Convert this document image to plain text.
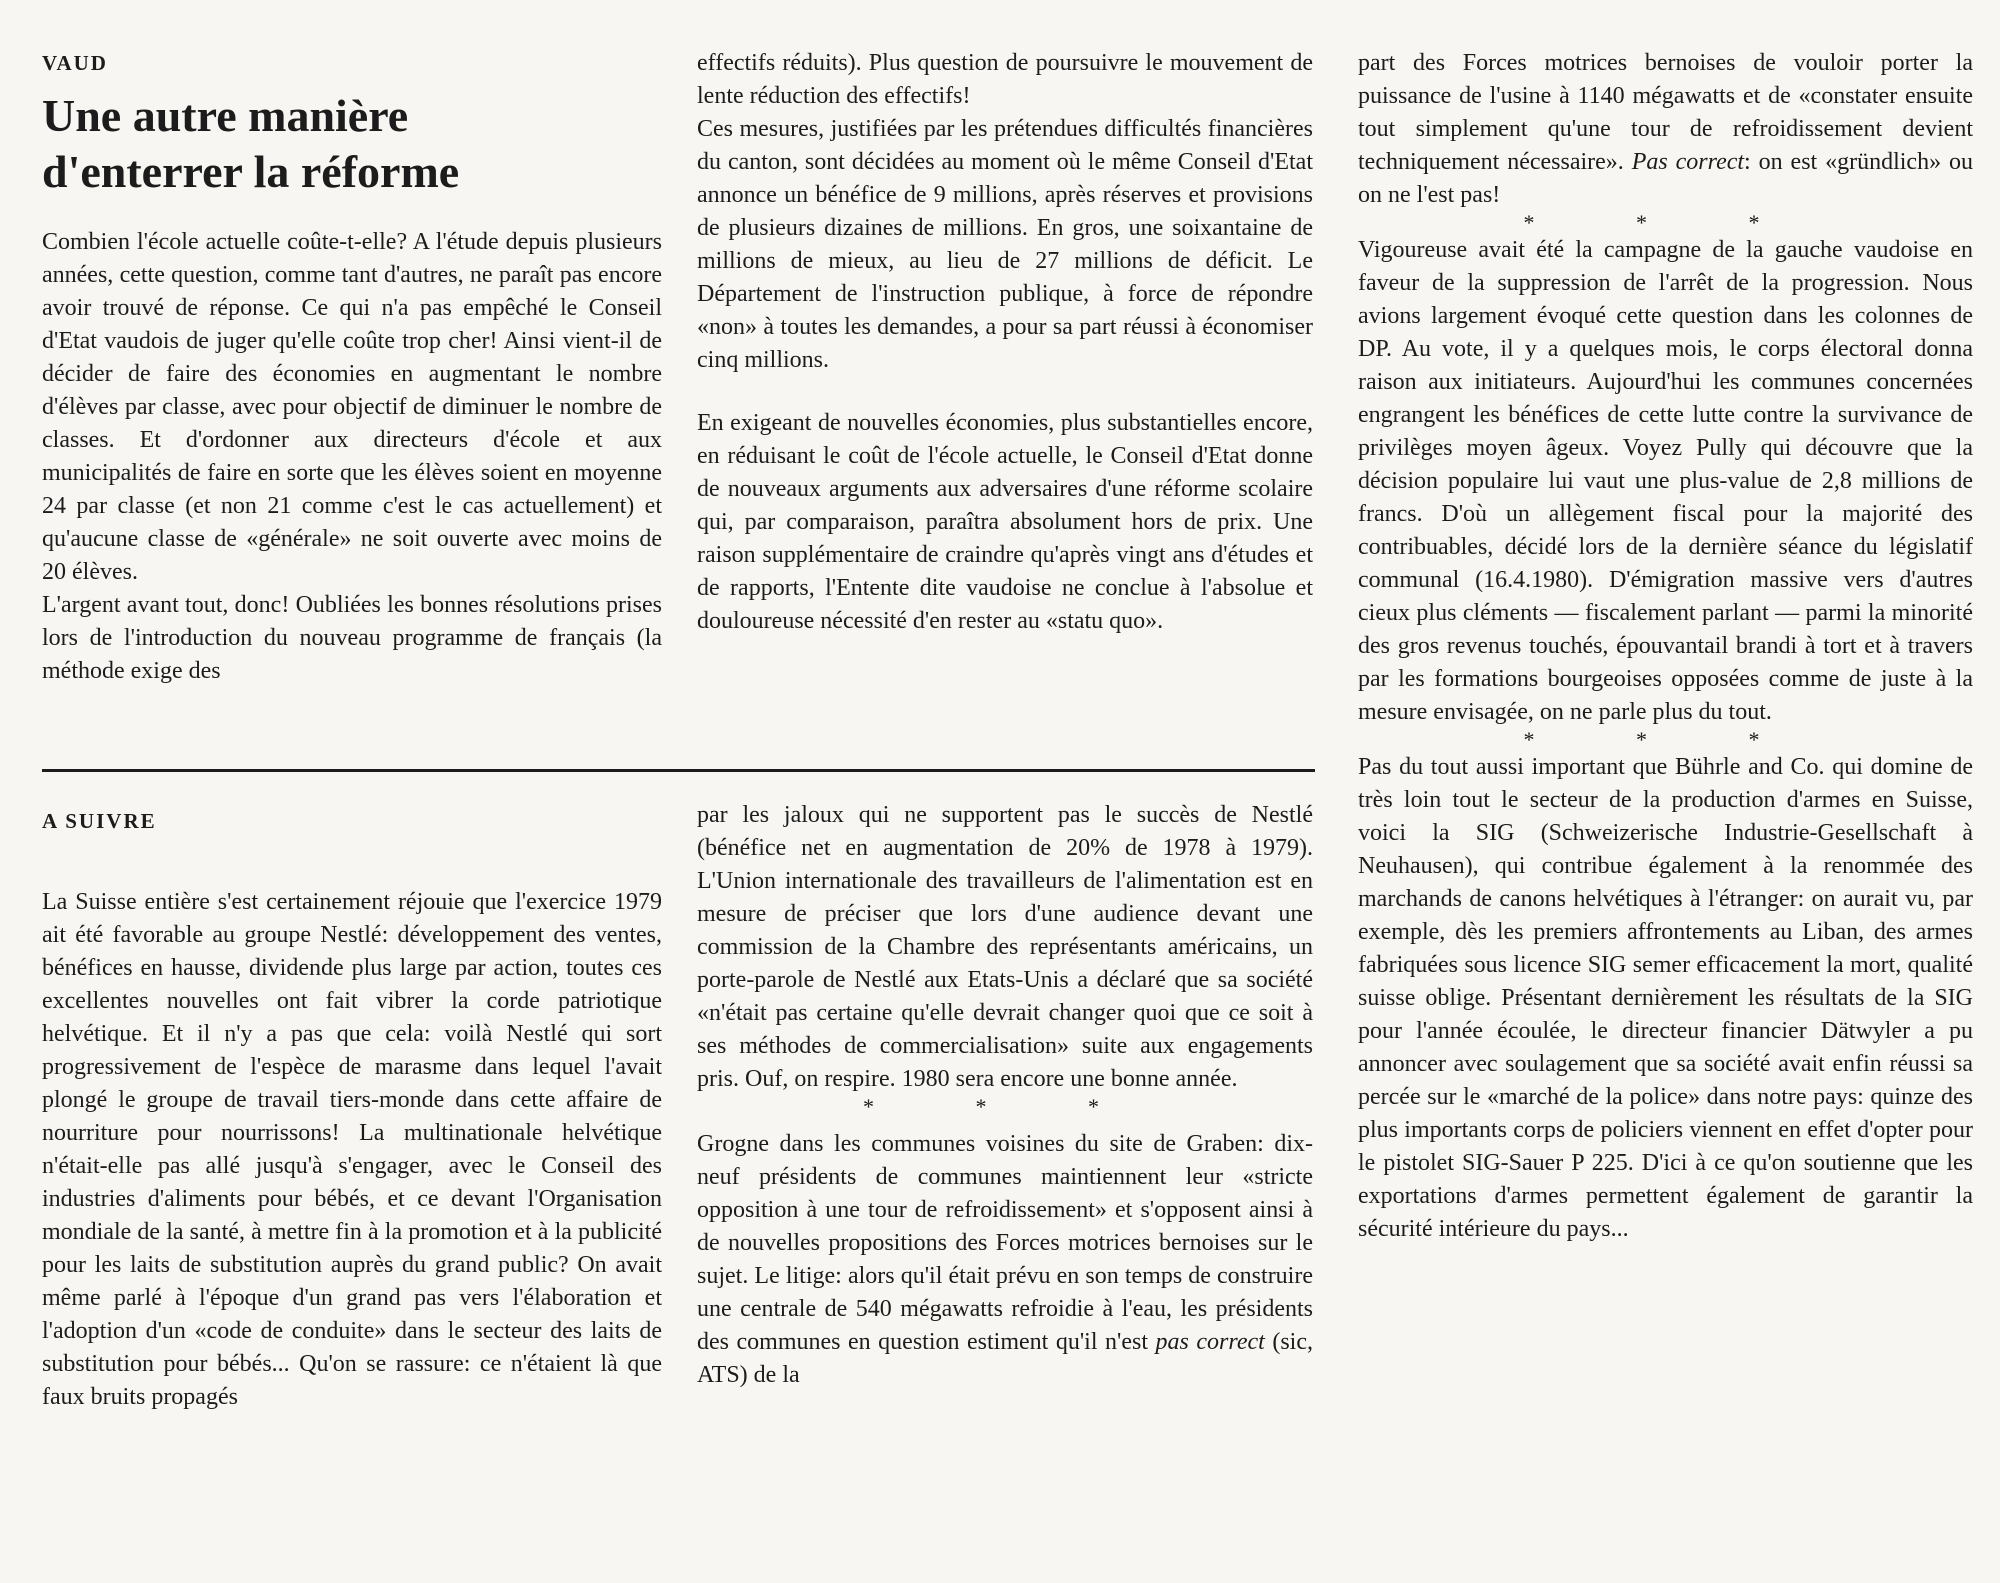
VAUD

Une autre manière
d'enterrer la réforme

Combien l'école actuelle coûte-t-elle? A l'étude depuis plusieurs années, cette question, comme tant d'autres, ne paraît pas encore avoir trouvé de réponse. Ce qui n'a pas empêché le Conseil d'Etat vaudois de juger qu'elle coûte trop cher! Ainsi vient-il de décider de faire des économies en augmentant le nombre d'élèves par classe, avec pour objectif de diminuer le nombre de classes. Et d'ordonner aux directeurs d'école et aux municipalités de faire en sorte que les élèves soient en moyenne 24 par classe (et non 21 comme c'est le cas actuellement) et qu'aucune classe de «générale» ne soit ouverte avec moins de 20 élèves.

L'argent avant tout, donc! Oubliées les bonnes résolutions prises lors de l'introduction du nouveau programme de français (la méthode exige des

effectifs réduits). Plus question de poursuivre le mouvement de lente réduction des effectifs!

Ces mesures, justifiées par les prétendues difficultés financières du canton, sont décidées au moment où le même Conseil d'Etat annonce un bénéfice de 9 millions, après réserves et provisions de plusieurs dizaines de millions. En gros, une soixantaine de millions de mieux, au lieu de 27 millions de déficit. Le Département de l'instruction publique, à force de répondre «non» à toutes les demandes, a pour sa part réussi à économiser cinq millions.

En exigeant de nouvelles économies, plus substantielles encore, en réduisant le coût de l'école actuelle, le Conseil d'Etat donne de nouveaux arguments aux adversaires d'une réforme scolaire qui, par comparaison, paraîtra absolument hors de prix. Une raison supplémentaire de craindre qu'après vingt ans d'études et de rapports, l'Entente dite vaudoise ne conclue à l'absolue et douloureuse nécessité d'en rester au «statu quo».

A SUIVRE

La Suisse entière s'est certainement réjouie que l'exercice 1979 ait été favorable au groupe Nestlé: développement des ventes, bénéfices en hausse, dividende plus large par action, toutes ces excellentes nouvelles ont fait vibrer la corde patriotique helvétique. Et il n'y a pas que cela: voilà Nestlé qui sort progressivement de l'espèce de marasme dans lequel l'avait plongé le groupe de travail tiers-monde dans cette affaire de nourriture pour nourrissons! La multinationale helvétique n'était-elle pas allé jusqu'à s'engager, avec le Conseil des industries d'aliments pour bébés, et ce devant l'Organisation mondiale de la santé, à mettre fin à la promotion et à la publicité pour les laits de substitution auprès du grand public? On avait même parlé à l'époque d'un grand pas vers l'élaboration et l'adoption d'un «code de conduite» dans le secteur des laits de substitution pour bébés... Qu'on se rassure: ce n'étaient là que faux bruits propagés

par les jaloux qui ne supportent pas le succès de Nestlé (bénéfice net en augmentation de 20% de 1978 à 1979). L'Union internationale des travailleurs de l'alimentation est en mesure de préciser que lors d'une audience devant une commission de la Chambre des représentants américains, un porte-parole de Nestlé aux Etats-Unis a déclaré que sa société «n'était pas certaine qu'elle devrait changer quoi que ce soit à ses méthodes de commercialisation» suite aux engagements pris. Ouf, on respire. 1980 sera encore une bonne année.

* * *

Grogne dans les communes voisines du site de Graben: dix-neuf présidents de communes maintiennent leur «stricte opposition à une tour de refroidissement» et s'opposent ainsi à de nouvelles propositions des Forces motrices bernoises sur le sujet. Le litige: alors qu'il était prévu en son temps de construire une centrale de 540 mégawatts refroidie à l'eau, les présidents des communes en question estiment qu'il n'est pas correct (sic, ATS) de la

part des Forces motrices bernoises de vouloir porter la puissance de l'usine à 1140 mégawatts et de «constater ensuite tout simplement qu'une tour de refroidissement devient techniquement nécessaire». Pas correct: on est «gründlich» ou on ne l'est pas!

* * *

Vigoureuse avait été la campagne de la gauche vaudoise en faveur de la suppression de l'arrêt de la progression. Nous avions largement évoqué cette question dans les colonnes de DP. Au vote, il y a quelques mois, le corps électoral donna raison aux initiateurs. Aujourd'hui les communes concernées engrangent les bénéfices de cette lutte contre la survivance de privilèges moyen âgeux. Voyez Pully qui découvre que la décision populaire lui vaut une plus-value de 2,8 millions de francs. D'où un allègement fiscal pour la majorité des contribuables, décidé lors de la dernière séance du législatif communal (16.4.1980). D'émigration massive vers d'autres cieux plus cléments — fiscalement parlant — parmi la minorité des gros revenus touchés, épouvantail brandi à tort et à travers par les formations bourgeoises opposées comme de juste à la mesure envisagée, on ne parle plus du tout.

* * *

Pas du tout aussi important que Bührle and Co. qui domine de très loin tout le secteur de la production d'armes en Suisse, voici la SIG (Schweizerische Industrie-Gesellschaft à Neuhausen), qui contribue également à la renommée des marchands de canons helvétiques à l'étranger: on aurait vu, par exemple, dès les premiers affrontements au Liban, des armes fabriquées sous licence SIG semer efficacement la mort, qualité suisse oblige. Présentant dernièrement les résultats de la SIG pour l'année écoulée, le directeur financier Dätwyler a pu annoncer avec soulagement que sa société avait enfin réussi sa percée sur le «marché de la police» dans notre pays: quinze des plus importants corps de policiers viennent en effet d'opter pour le pistolet SIG-Sauer P 225. D'ici à ce qu'on soutienne que les exportations d'armes permettent également de garantir la sécurité intérieure du pays...
